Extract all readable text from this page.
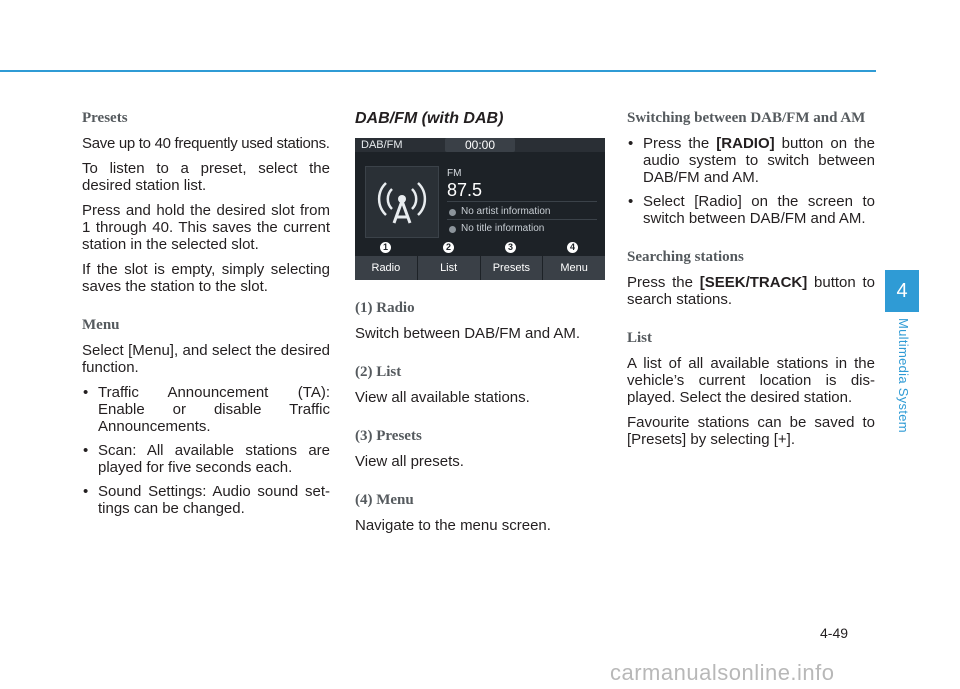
Presets

Save up to 40 frequently used stations.

To listen to a preset, select the desired station list.

Press and hold the desired slot from 1 through 40. This saves the current station in the selected slot.

If the slot is empty, simply selecting saves the station to the slot.

Menu

Select [Menu], and select the desired function.

• Traffic Announcement (TA): Enable or disable Traffic Announcements.
• Scan: All available stations are played for five seconds each.
• Sound Settings: Audio sound set- tings can be changed.
DAB/FM (with DAB)
DAB/FM	00:00
FM
87.5
No artist information
No title information
1	2	3	4
Radio	List	Presets	Menu
(1) Radio

Switch between DAB/FM and AM.

(2) List

View all available stations.

(3) Presets

View all presets.

(4) Menu

Navigate to the menu screen.

Switching between DAB/FM and AM
• Press the [RADIO] button on the audio system to switch between DAB/FM and AM.
• Select [Radio] on the screen to switch between DAB/FM and AM.
Searching stations

Press the [SEEK/TRACK] button to search stations.

List

A list of all available stations in the vehicle’s current location is dis- played. Select the desired station.

Favourite stations can be saved to [Presets] by selecting [+].

4
Multimedia System
4-49
carmanualsonline.info
